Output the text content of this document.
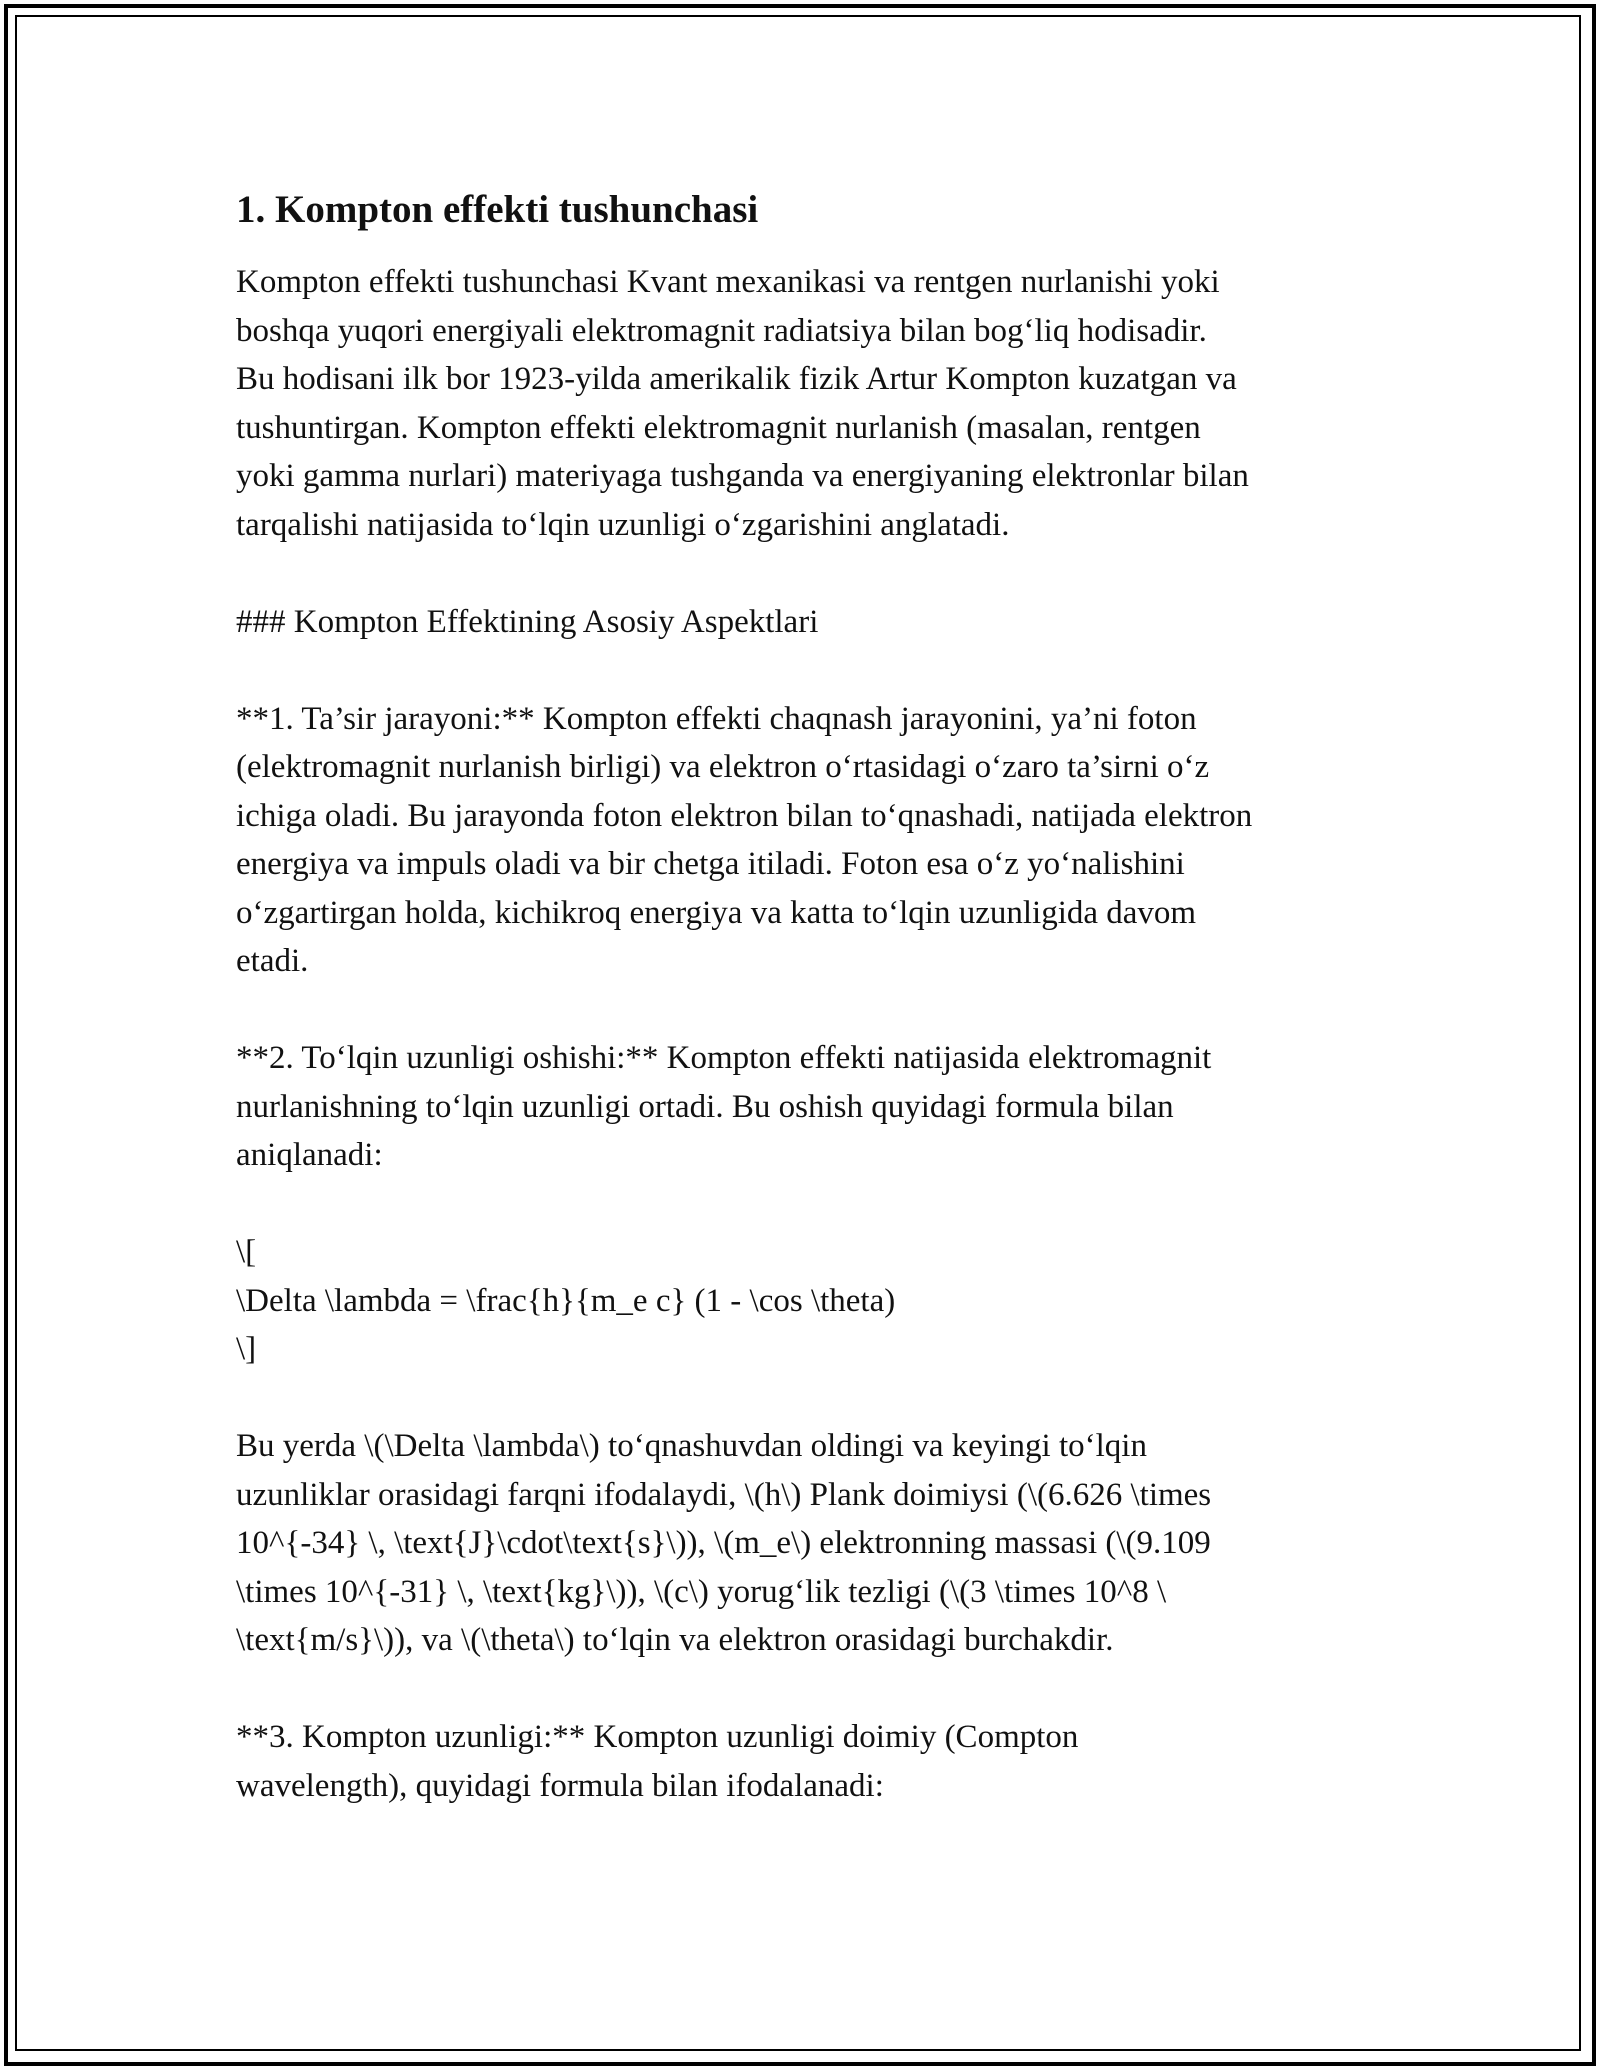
1. Kompton effekti tushunchasi
Kompton effekti tushunchasi Kvant mexanikasi va rentgen nurlanishi yoki
boshqa yuqori energiyali elektromagnit radiatsiya bilan bog‘liq hodisadir.
Bu hodisani ilk bor 1923-yilda amerikalik fizik Artur Kompton kuzatgan va
tushuntirgan. Kompton effekti elektromagnit nurlanish (masalan, rentgen
yoki gamma nurlari) materiyaga tushganda va energiyaning elektronlar bilan
tarqalishi natijasida to‘lqin uzunligi o‘zgarishini anglatadi.
### Kompton Effektining Asosiy Aspektlari
**1. Ta’sir jarayoni:** Kompton effekti chaqnash jarayonini, ya’ni foton
(elektromagnit nurlanish birligi) va elektron o‘rtasidagi o‘zaro ta’sirni o‘z
ichiga oladi. Bu jarayonda foton elektron bilan to‘qnashadi, natijada elektron
energiya va impuls oladi va bir chetga itiladi. Foton esa o‘z yo‘nalishini
o‘zgartirgan holda, kichikroq energiya va katta to‘lqin uzunligida davom
etadi.
**2. To‘lqin uzunligi oshishi:** Kompton effekti natijasida elektromagnit
nurlanishning to‘lqin uzunligi ortadi. Bu oshish quyidagi formula bilan
aniqlanadi:
\[
\Delta \lambda = \frac{h}{m_e c} (1 - \cos \theta)
\]
Bu yerda \(\Delta \lambda\) to‘qnashuvdan oldingi va keyingi to‘lqin
uzunliklar orasidagi farqni ifodalaydi, \(h\) Plank doimiysi (\(6.626 \times
10^{-34} \, \text{J}\cdot\text{s}\)), \(m_e\) elektronning massasi (\(9.109
\times 10^{-31} \, \text{kg}\)), \(c\) yorug‘lik tezligi (\(3 \times 10^8 \
\text{m/s}\)), va \(\theta\) to‘lqin va elektron orasidagi burchakdir.
**3. Kompton uzunligi:** Kompton uzunligi doimiy (Compton
wavelength), quyidagi formula bilan ifodalanadi:
